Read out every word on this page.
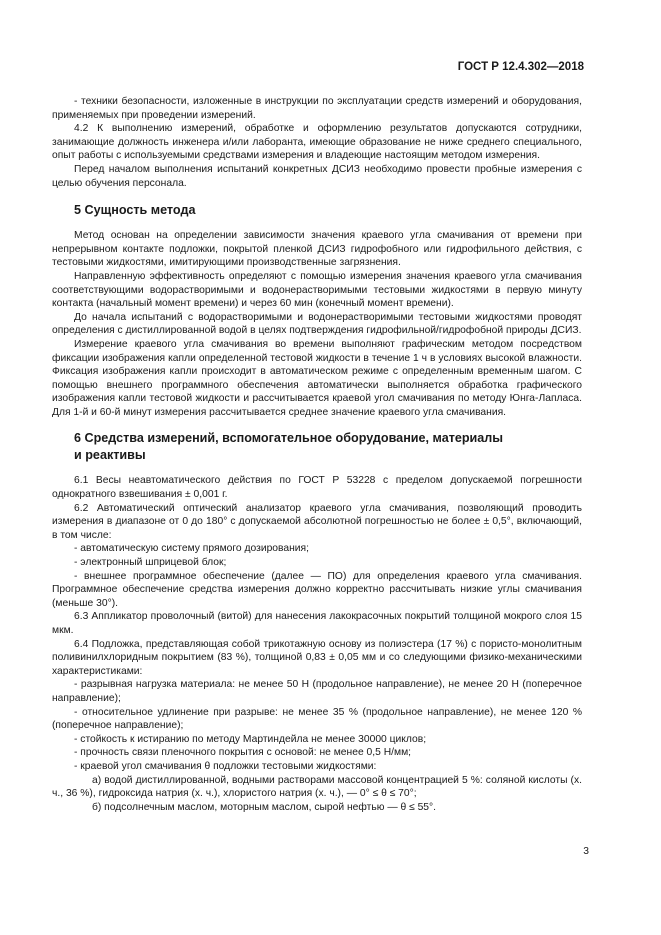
ГОСТ Р 12.4.302—2018

- техники безопасности, изложенные в инструкции по эксплуатации средств измерений и оборудования, применяемых при проведении измерений.

4.2 К выполнению измерений, обработке и оформлению результатов допускаются сотрудники, занимающие должность инженера и/или лаборанта, имеющие образование не ниже среднего специального, опыт работы с используемыми средствами измерения и владеющие настоящим методом измерения.

Перед началом выполнения испытаний конкретных ДСИЗ необходимо провести пробные измерения с целью обучения персонала.

5 Сущность метода

Метод основан на определении зависимости значения краевого угла смачивания от времени при непрерывном контакте подложки, покрытой пленкой ДСИЗ гидрофобного или гидрофильного действия, с тестовыми жидкостями, имитирующими производственные загрязнения.

Направленную эффективность определяют с помощью измерения значения краевого угла смачивания соответствующими водорастворимыми и водонерастворимыми тестовыми жидкостями в первую минуту контакта (начальный момент времени) и через 60 мин (конечный момент времени).

До начала испытаний с водорастворимыми и водонерастворимыми тестовыми жидкостями проводят определения с дистиллированной водой в целях подтверждения гидрофильной/гидрофобной природы ДСИЗ.

Измерение краевого угла смачивания во времени выполняют графическим методом посредством фиксации изображения капли определенной тестовой жидкости в течение 1 ч в условиях высокой влажности. Фиксация изображения капли происходит в автоматическом режиме с определенным временным шагом. С помощью внешнего программного обеспечения автоматически выполняется обработка графического изображения капли тестовой жидкости и рассчитывается краевой угол смачивания по методу Юнга-Лапласа. Для 1-й и 60-й минут измерения рассчитывается среднее значение краевого угла смачивания.

6 Средства измерений, вспомогательное оборудование, материалы
и реактивы

6.1 Весы неавтоматического действия по ГОСТ Р 53228 с пределом допускаемой погрешности однократного взвешивания ± 0,001 г.

6.2 Автоматический оптический анализатор краевого угла смачивания, позволяющий проводить измерения в диапазоне от 0 до 180° с допускаемой абсолютной погрешностью не более ± 0,5°, включающий, в том числе:

- автоматическую систему прямого дозирования;

- электронный шприцевой блок;

- внешнее программное обеспечение (далее — ПО) для определения краевого угла смачивания. Программное обеспечение средства измерения должно корректно рассчитывать низкие углы смачивания (меньше 30°).

6.3 Аппликатор проволочный (витой) для нанесения лакокрасочных покрытий толщиной мокрого слоя 15 мкм.

6.4 Подложка, представляющая собой трикотажную основу из полиэстера (17 %) с пористо-монолитным поливинилхлоридным покрытием (83 %), толщиной 0,83 ± 0,05 мм и со следующими физико-механическими характеристиками:

- разрывная нагрузка материала: не менее 50 Н (продольное направление), не менее 20 Н (поперечное направление);

- относительное удлинение при разрыве: не менее 35 % (продольное направление), не менее 120 % (поперечное направление);

- стойкость к истиранию по методу Мартиндейла не менее 30000 циклов;

- прочность связи пленочного покрытия с основой: не менее 0,5 Н/мм;

- краевой угол смачивания θ подложки тестовыми жидкостями:

а) водой дистиллированной, водными растворами массовой концентрацией 5 %: соляной кислоты (х. ч., 36 %), гидроксида натрия (х. ч.), хлористого натрия (х. ч.), — 0° ≤ θ ≤ 70°;

б) подсолнечным маслом, моторным маслом, сырой нефтью — θ ≤ 55°.

3
